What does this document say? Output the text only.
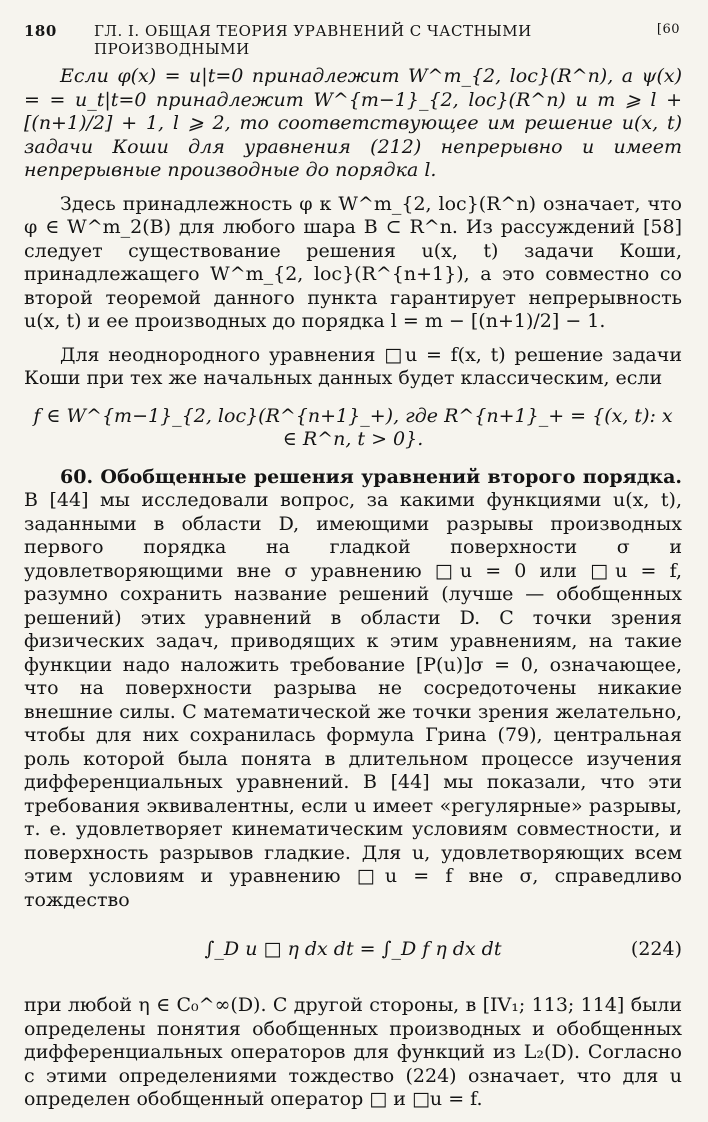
180 ГЛ. I. ОБЩАЯ ТЕОРИЯ УРАВНЕНИЙ С ЧАСТНЫМИ ПРОИЗВОДНЫМИ
[60

Если φ(x) = u|t=0 принадлежит W^m_{2, loc}(R^n), а ψ(x) = = u_t|t=0 принадлежит W^{m−1}_{2, loc}(R^n) и m ⩾ l + [(n+1)/2] + 1, l ⩾ 2, то соответствующее им решение u(x, t) задачи Коши для уравнения (212) непрерывно и имеет непрерывные производные до порядка l.

Здесь принадлежность φ к W^m_{2, loc}(R^n) означает, что φ ∈ W^m_2(B) для любого шара B ⊂ R^n. Из рассуждений [58] следует существование решения u(x, t) задачи Коши, принадлежащего W^m_{2, loc}(R^{n+1}), а это совместно со второй теоремой данного пункта гарантирует непрерывность u(x, t) и ее производных до порядка l = m − [(n+1)/2] − 1.

Для неоднородного уравнения □u = f(x, t) решение задачи Коши при тех же начальных данных будет классическим, если

f ∈ W^{m−1}_{2, loc}(R^{n+1}_+), где R^{n+1}_+ = {(x, t): x ∈ R^n, t > 0}.

60. Обобщенные решения уравнений второго порядка. В [44] мы исследовали вопрос, за какими функциями u(x, t), заданными в области D, имеющими разрывы производных первого порядка на гладкой поверхности σ и удовлетворяющими вне σ уравнению □u = 0 или □u = f, разумно сохранить название решений (лучше — обобщенных решений) этих уравнений в области D. С точки зрения физических задач, приводящих к этим уравнениям, на такие функции надо наложить требование [P(u)]σ = 0, означающее, что на поверхности разрыва не сосредоточены никакие внешние силы. С математической же точки зрения желательно, чтобы для них сохранилась формула Грина (79), центральная роль которой была понята в длительном процессе изучения дифференциальных уравнений. В [44] мы показали, что эти требования эквивалентны, если u имеет «регулярные» разрывы, т. е. удовлетворяет кинематическим условиям совместности, и поверхность разрывов гладкие. Для u, удовлетворяющих всем этим условиям и уравнению □u = f вне σ, справедливо тождество

∫_D u □ η dx dt = ∫_D f η dx dt	(224)

при любой η ∈ C₀^∞(D). С другой стороны, в [IV₁; 113; 114] были определены понятия обобщенных производных и обобщенных дифференциальных операторов для функций из L₂(D). Согласно с этими определениями тождество (224) означает, что для u определен обобщенный оператор □ и □u = f.
